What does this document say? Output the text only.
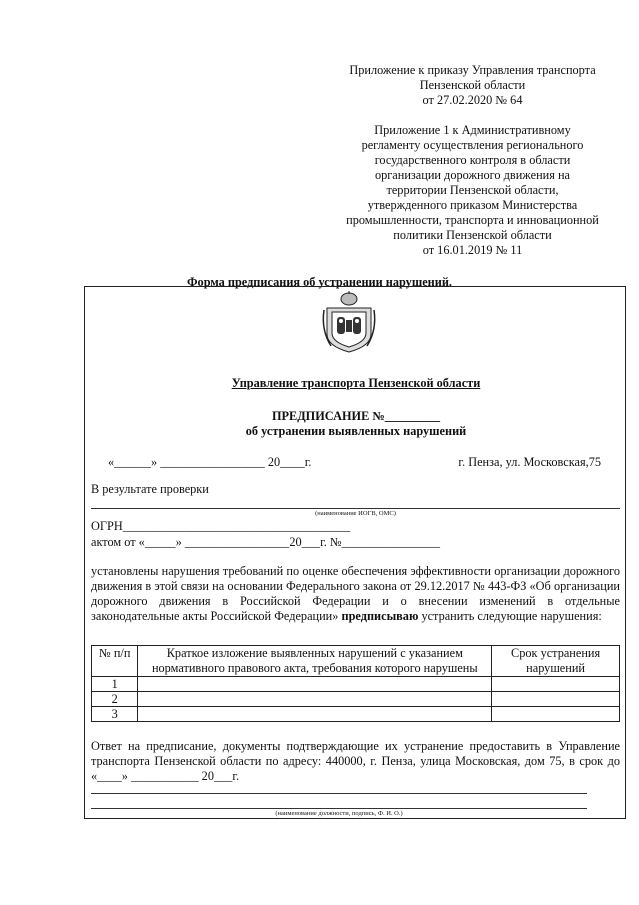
Приложение к приказу Управления транспорта
Пензенской области
от 27.02.2020 № 64
Приложение 1 к Административному
регламенту осуществления регионального
государственного контроля в области
организации дорожного движения на
территории Пензенской области,
утвержденного приказом Министерства
промышленности, транспорта и инновационной
политики Пензенской области
от 16.01.2019 № 11
Форма предписания об устранении нарушений.
Управление транспорта Пензенской области
ПРЕДПИСАНИЕ №_________
об устранении выявленных нарушений
«______» _________________ 20____г.	г. Пенза, ул. Московская,75
В результате проверки
(наименование ИОГВ, ОМС)
ОГРН_____________________________________
актом от «_____» _________________20___г. №________________
установлены нарушения требований по оценке обеспечения эффективности организации дорожного движения в этой связи на основании Федерального закона от 29.12.2017 № 443-ФЗ «Об организации дорожного движения в Российской Федерации и о внесении изменений в отдельные законодательные акты Российской Федерации» предписываю устранить следующие нарушения:
№ п/п	Краткое изложение выявленных нарушений с указанием нормативного правового акта, требования которого нарушены	Срок устранения нарушений
1		
2		
3		
Ответ на предписание, документы подтверждающие их устранение предоставить в Управление транспорта Пензенской области по адресу: 440000, г. Пенза, улица Московская, дом 75, в срок до «____» ___________ 20___г.
(наименование должности, подпись, Ф. И. О.)
